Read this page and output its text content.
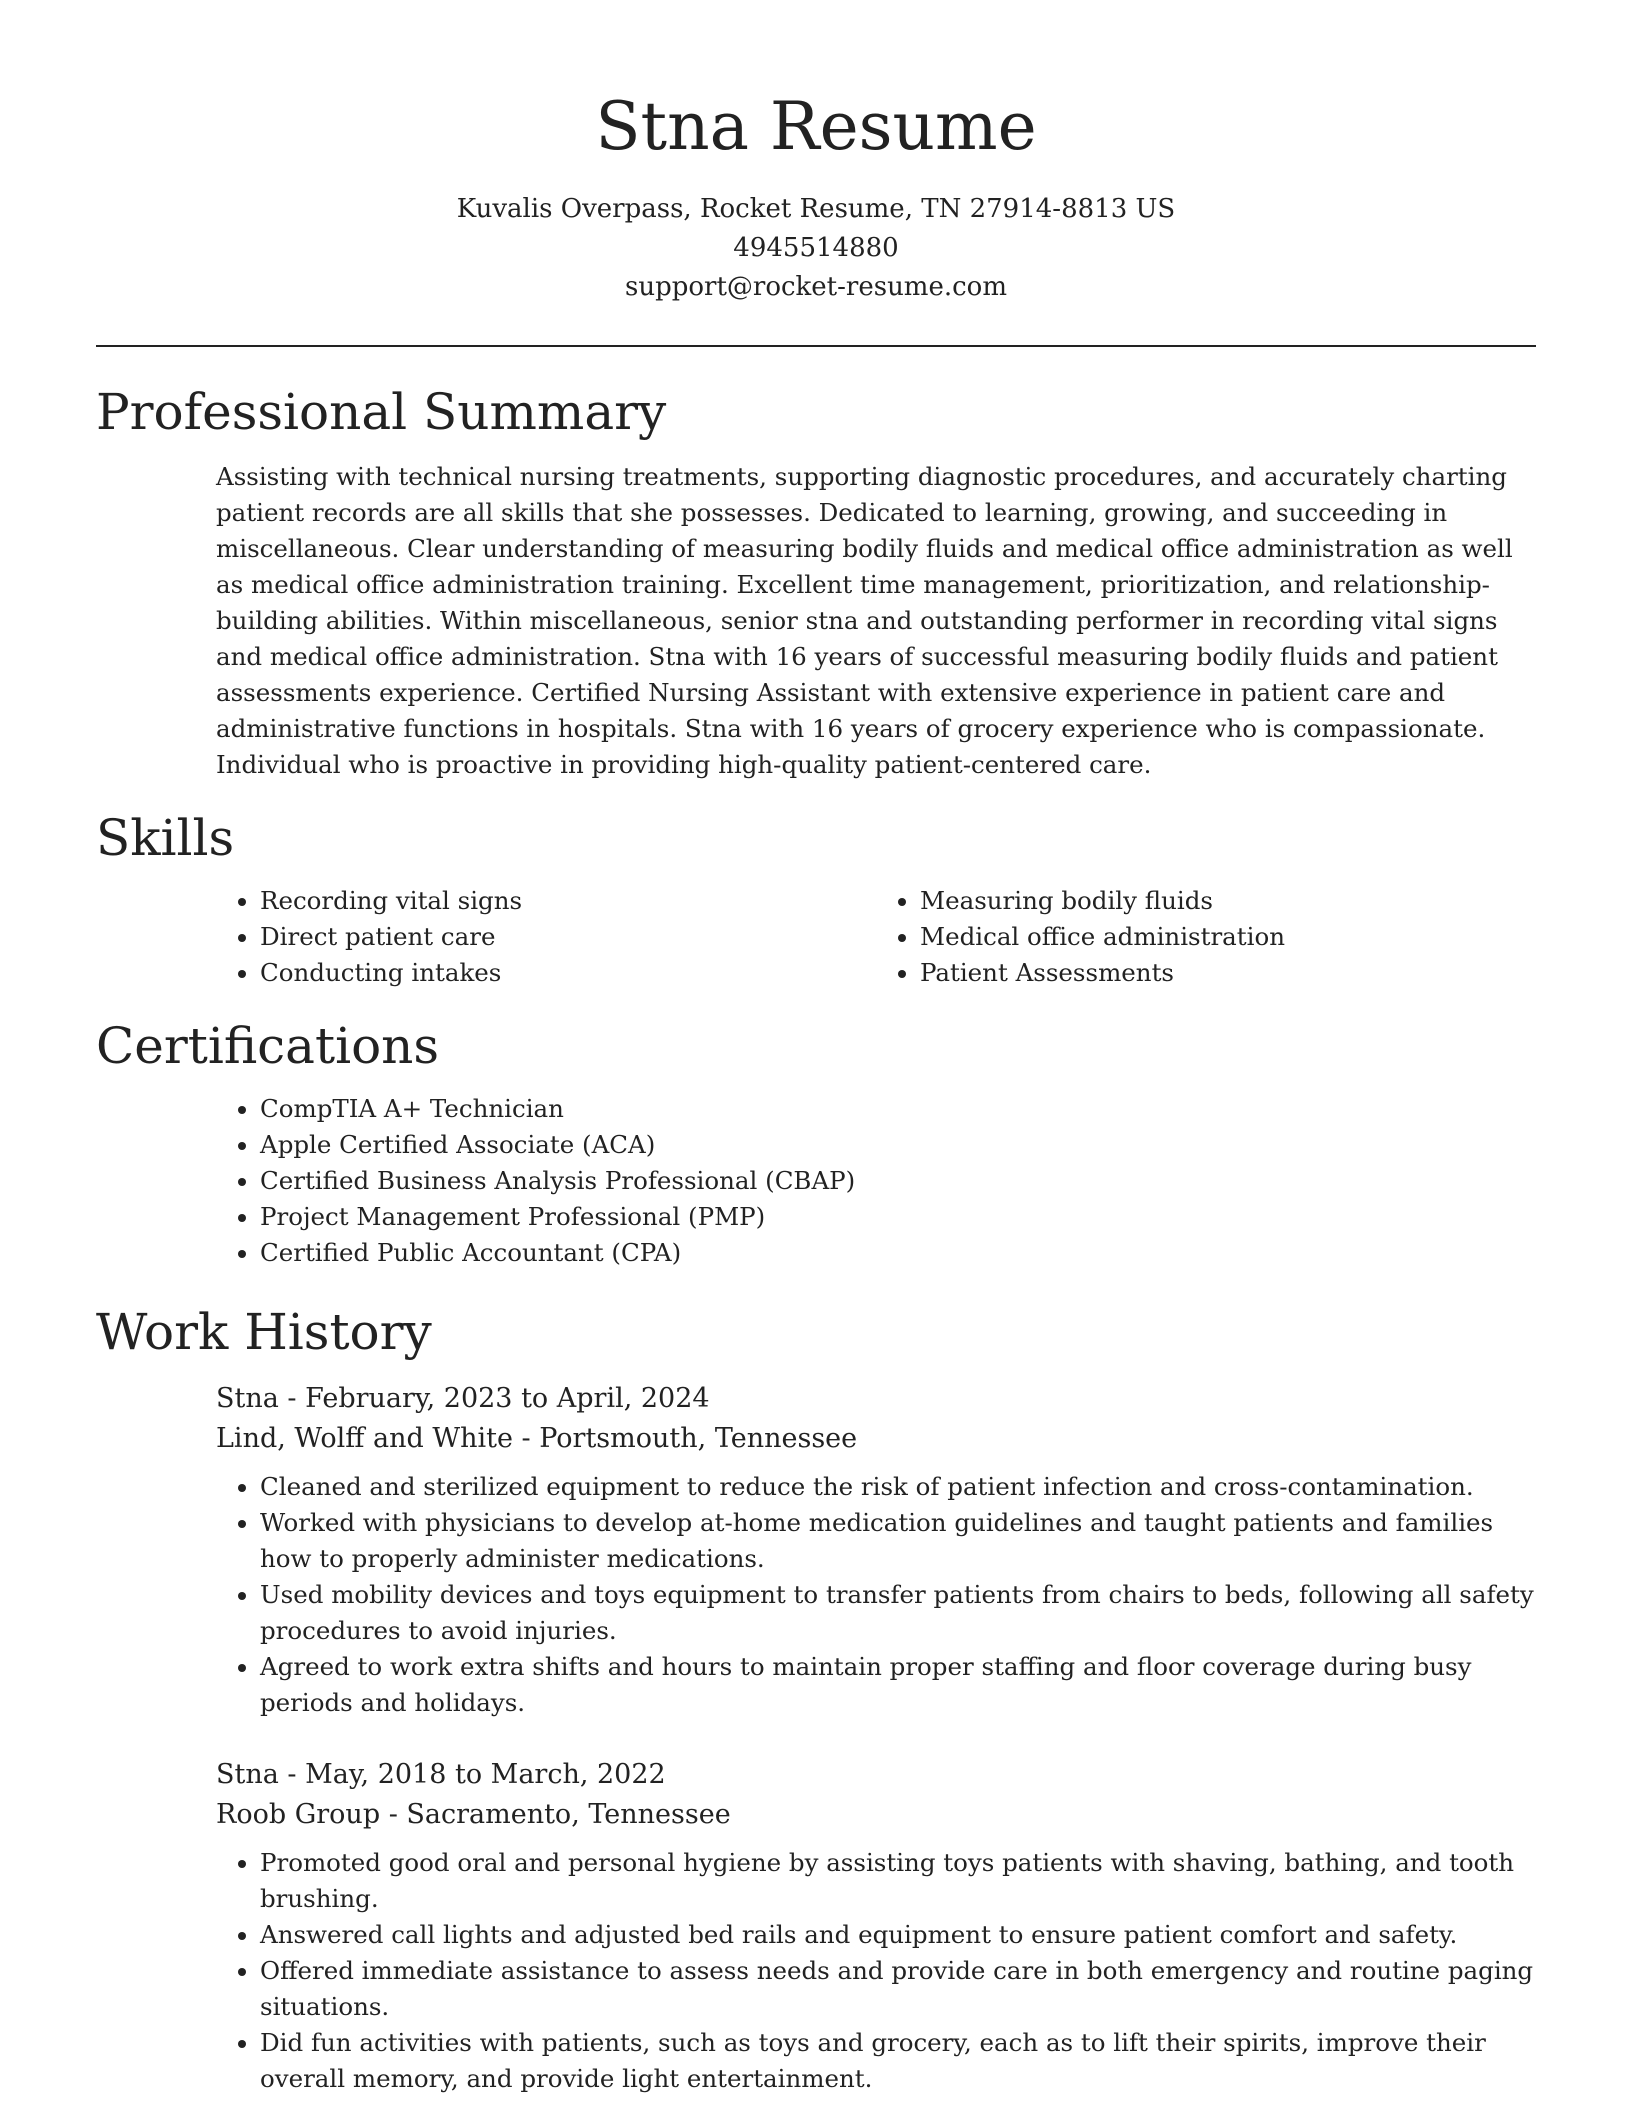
Stna Resume
Kuvalis Overpass, Rocket Resume, TN 27914-8813 US
4945514880
support@rocket-resume.com
Professional Summary

Assisting with technical nursing treatments, supporting diagnostic procedures, and accurately charting patient records are all skills that she possesses. Dedicated to learning, growing, and succeeding in miscellaneous. Clear understanding of measuring bodily fluids and medical office administration as well as medical office administration training. Excellent time management, prioritization, and relationship-building abilities. Within miscellaneous, senior stna and outstanding performer in recording vital signs and medical office administration. Stna with 16 years of successful measuring bodily fluids and patient assessments experience. Certified Nursing Assistant with extensive experience in patient care and administrative functions in hospitals. Stna with 16 years of grocery experience who is compassionate. Individual who is proactive in providing high-quality patient-centered care.

Skills
• Recording vital signs
• Direct patient care
• Conducting intakes
• Measuring bodily fluids
• Medical office administration
• Patient Assessments
Certifications
• CompTIA A+ Technician
• Apple Certified Associate (ACA)
• Certified Business Analysis Professional (CBAP)
• Project Management Professional (PMP)
• Certified Public Accountant (CPA)
Work History
Stna - February, 2023 to April, 2024
Lind, Wolff and White - Portsmouth, Tennessee
• Cleaned and sterilized equipment to reduce the risk of patient infection and cross-contamination.
• Worked with physicians to develop at-home medication guidelines and taught patients and families how to properly administer medications.
• Used mobility devices and toys equipment to transfer patients from chairs to beds, following all safety procedures to avoid injuries.
• Agreed to work extra shifts and hours to maintain proper staffing and floor coverage during busy periods and holidays.
Stna - May, 2018 to March, 2022
Roob Group - Sacramento, Tennessee
• Promoted good oral and personal hygiene by assisting toys patients with shaving, bathing, and tooth brushing.
• Answered call lights and adjusted bed rails and equipment to ensure patient comfort and safety.
• Offered immediate assistance to assess needs and provide care in both emergency and routine paging situations.
• Did fun activities with patients, such as toys and grocery, each as to lift their spirits, improve their overall memory, and provide light entertainment.
